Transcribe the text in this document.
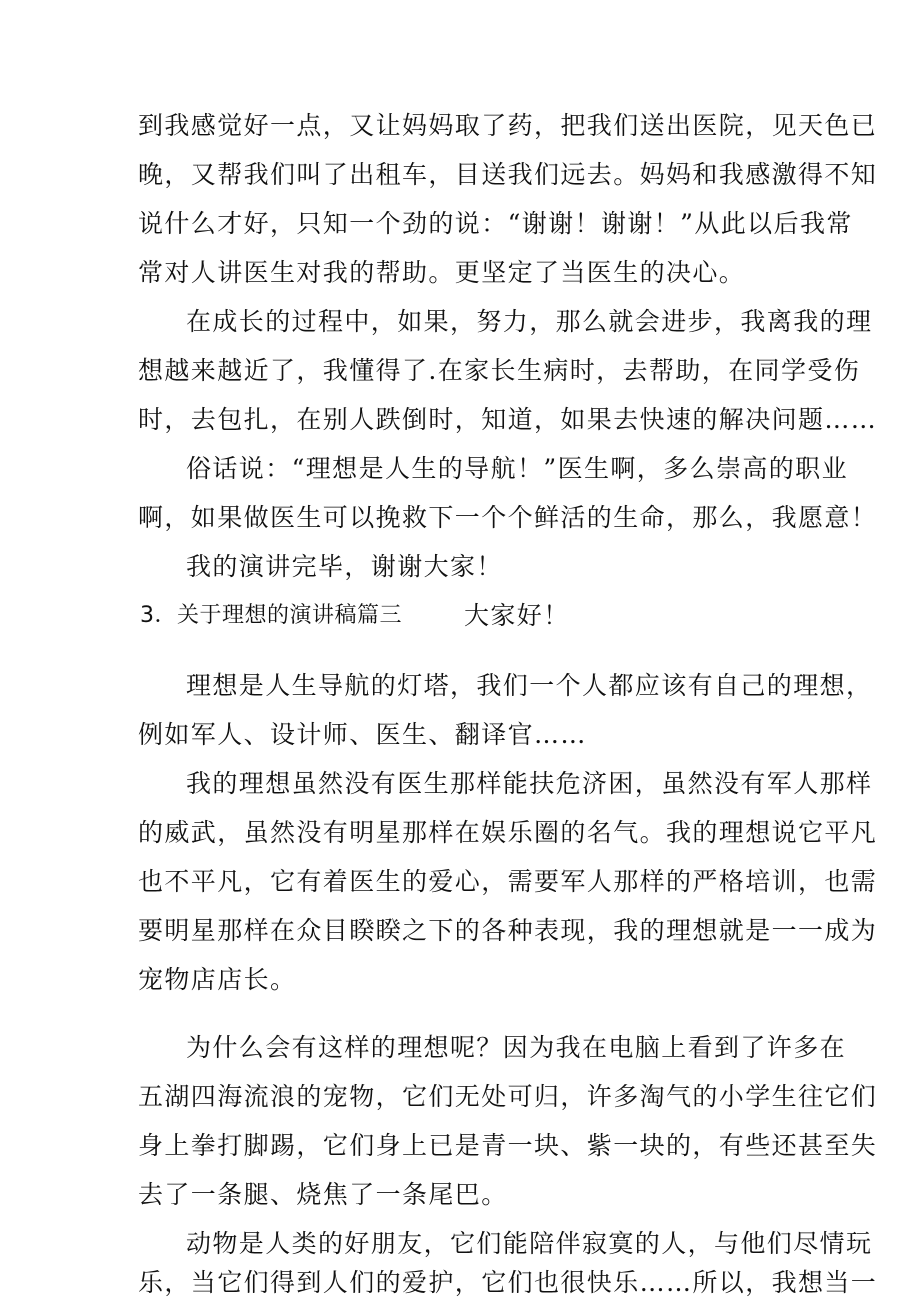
到我感觉好一点，又让妈妈取了药，把我们送出医院，见天色已
晚，又帮我们叫了出租车，目送我们远去。妈妈和我感激得不知
说什么才好，只知一个劲的说：“谢谢！谢谢！”从此以后我常
常对人讲医生对我的帮助。更坚定了当医生的决心。
在成长的过程中，如果，努力，那么就会进步，我离我的理
想越来越近了，我懂得了.在家长生病时，去帮助，在同学受伤
时，去包扎，在别人跌倒时，知道，如果去快速的解决问题……
俗话说：“理想是人生的导航！”医生啊，多么崇高的职业
啊，如果做医生可以挽救下一个个鲜活的生命，那么，我愿意！
我的演讲完毕，谢谢大家！
3．关于理想的演讲稿篇三 大家好！
理想是人生导航的灯塔，我们一个人都应该有自己的理想，
例如军人、设计师、医生、翻译官……
我的理想虽然没有医生那样能扶危济困，虽然没有军人那样
的威武，虽然没有明星那样在娱乐圈的名气。我的理想说它平凡
也不平凡，它有着医生的爱心，需要军人那样的严格培训，也需
要明星那样在众目睽睽之下的各种表现，我的理想就是一一成为
宠物店店长。
为什么会有这样的理想呢？因为我在电脑上看到了许多在
五湖四海流浪的宠物，它们无处可归，许多淘气的小学生往它们
身上拳打脚踢，它们身上已是青一块、紫一块的，有些还甚至失
去了一条腿、烧焦了一条尾巴。
动物是人类的好朋友，它们能陪伴寂寞的人，与他们尽情玩
乐，当它们得到人们的爱护，它们也很快乐……所以，我想当一
